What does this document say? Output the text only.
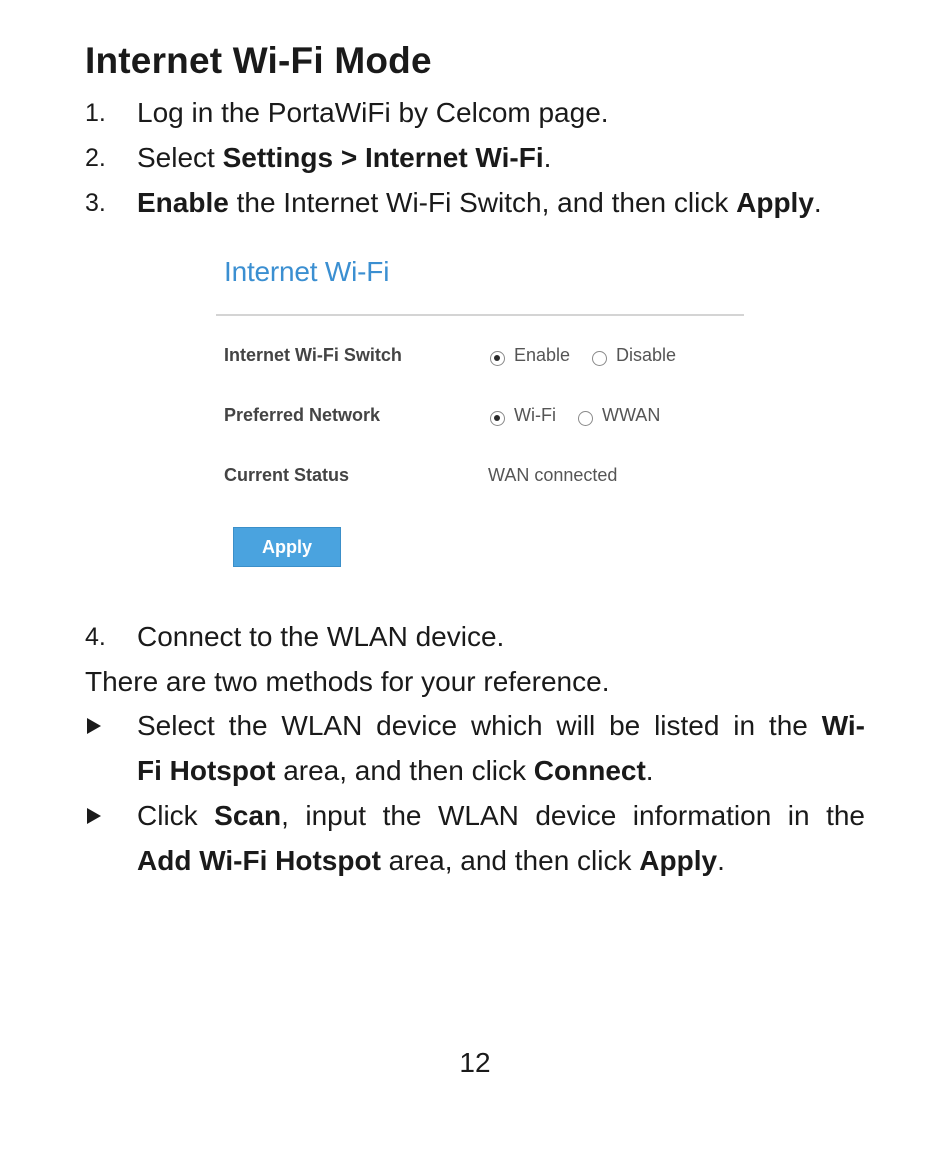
Internet Wi-Fi Mode
1. Log in the PortaWiFi by Celcom page.
2. Select Settings > Internet Wi-Fi.
3. Enable the Internet Wi-Fi Switch, and then click Apply.
Internet Wi-Fi
Internet Wi-Fi Switch	Enable	Disable
Preferred Network	Wi-Fi	WWAN
Current Status	WAN connected
Apply
4. Connect to the WLAN device.
There are two methods for your reference.
Select the WLAN device which will be listed in the Wi-
Fi Hotspot area, and then click Connect.
Click Scan, input the WLAN device information in the
Add Wi-Fi Hotspot area, and then click Apply.
12
